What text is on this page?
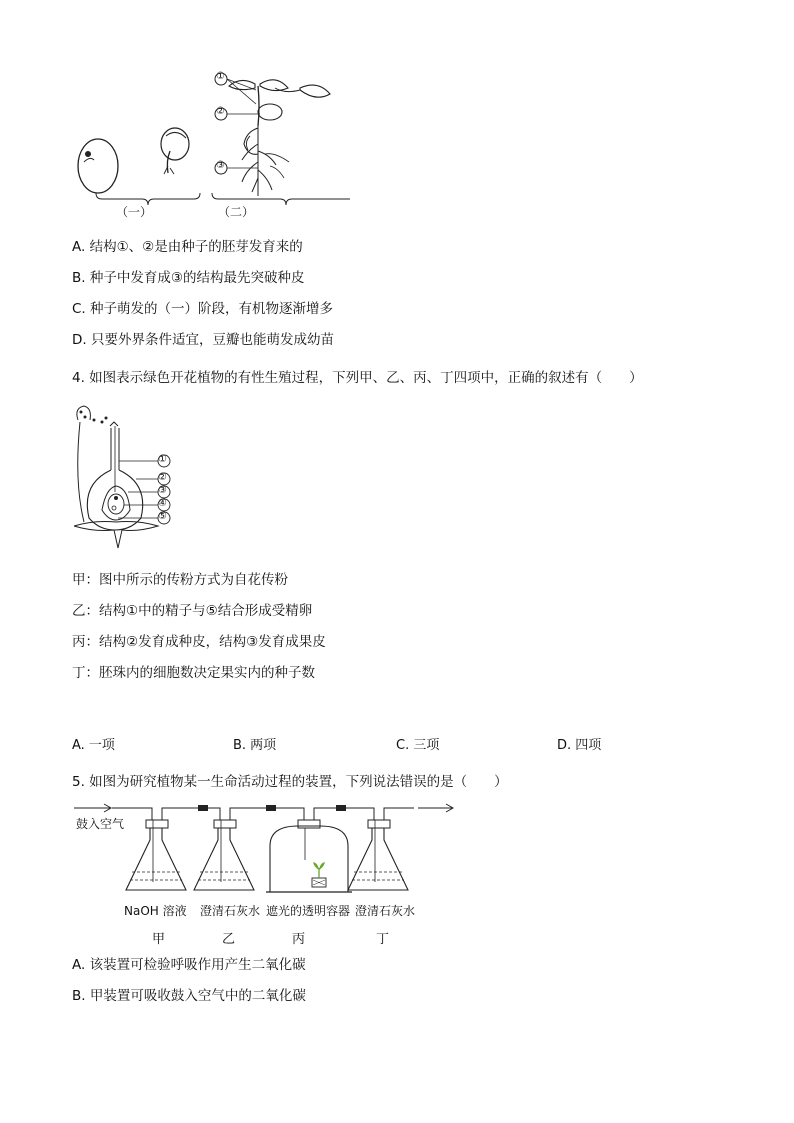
①
②
③
（一）	（二）
A. 结构①、②是由种子的胚芽发育来的
B. 种子中发育成③的结构最先突破种皮
C. 种子萌发的（一）阶段，有机物逐渐增多
D. 只要外界条件适宜，豆瓣也能萌发成幼苗
4. 如图表示绿色开花植物的有性生殖过程，下列甲、乙、丙、丁四项中，正确的叙述有（　　）
①
②
③
④
⑤
甲：图中所示的传粉方式为自花传粉
乙：结构①中的精子与⑤结合形成受精卵
丙：结构②发育成种皮，结构③发育成果皮
丁：胚珠内的细胞数决定果实内的种子数
A. 一项	B. 两项	C. 三项	D. 四项
5. 如图为研究植物某一生命活动过程的装置，下列说法错误的是（　　）
鼓入空气
NaOH 溶液 澄清石灰水 遮光的透明容器 澄清石灰水
甲	乙	丙	丁
A. 该装置可检验呼吸作用产生二氧化碳
B. 甲装置可吸收鼓入空气中的二氧化碳
